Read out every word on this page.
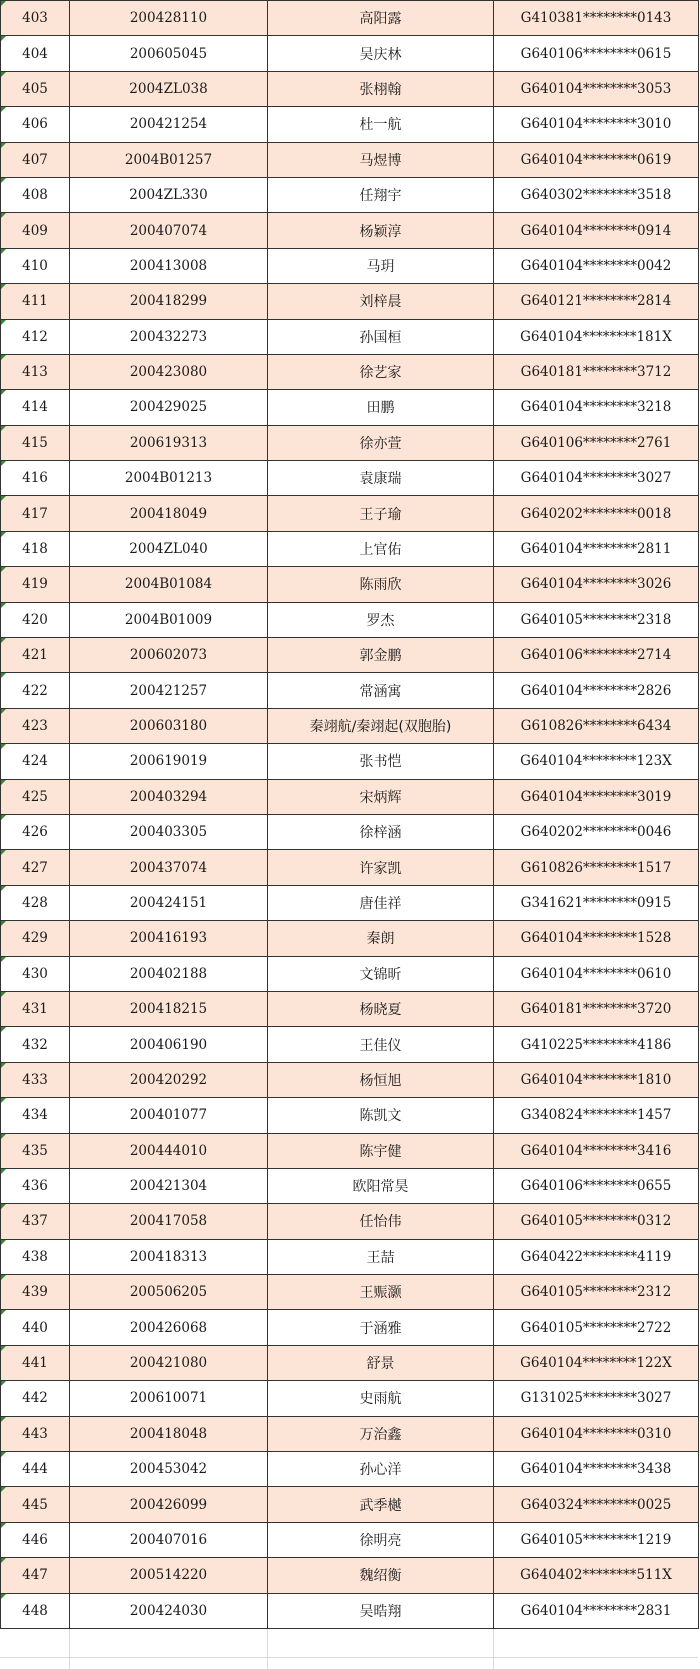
403	200428110	高阳露	G410381********0143
404	200605045	吴庆林	G640106********0615
405	2004ZL038	张栩翰	G640104********3053
406	200421254	杜一航	G640104********3010
407	2004B01257	马煜博	G640104********0619
408	2004ZL330	任翔宇	G640302********3518
409	200407074	杨颖淳	G640104********0914
410	200413008	马玥	G640104********0042
411	200418299	刘梓晨	G640121********2814
412	200432273	孙国桓	G640104********181X
413	200423080	徐艺家	G640181********3712
414	200429025	田鹏	G640104********3218
415	200619313	徐亦萱	G640106********2761
416	2004B01213	袁康瑞	G640104********3027
417	200418049	王子瑜	G640202********0018
418	2004ZL040	上官佑	G640104********2811
419	2004B01084	陈雨欣	G640104********3026
420	2004B01009	罗杰	G640105********2318
421	200602073	郭金鹏	G640106********2714
422	200421257	常涵寓	G640104********2826
423	200603180	秦翊航/秦翊起(双胞胎)	G610826********6434
424	200619019	张书恺	G640104********123X
425	200403294	宋炳辉	G640104********3019
426	200403305	徐梓涵	G640202********0046
427	200437074	许家凯	G610826********1517
428	200424151	唐佳祥	G341621********0915
429	200416193	秦朗	G640104********1528
430	200402188	文锦昕	G640104********0610
431	200418215	杨晓夏	G640181********3720
432	200406190	王佳仪	G410225********4186
433	200420292	杨恒旭	G640104********1810
434	200401077	陈凯文	G340824********1457
435	200444010	陈宇健	G640104********3416
436	200421304	欧阳常昊	G640106********0655
437	200417058	任怡伟	G640105********0312
438	200418313	王喆	G640422********4119
439	200506205	王赈灏	G640105********2312
440	200426068	于涵雅	G640105********2722
441	200421080	舒景	G640104********122X
442	200610071	史雨航	G131025********3027
443	200418048	万治鑫	G640104********0310
444	200453042	孙心洋	G640104********3438
445	200426099	武季樾	G640324********0025
446	200407016	徐明亮	G640105********1219
447	200514220	魏绍衡	G640402********511X
448	200424030	吴晧翔	G640104********2831
